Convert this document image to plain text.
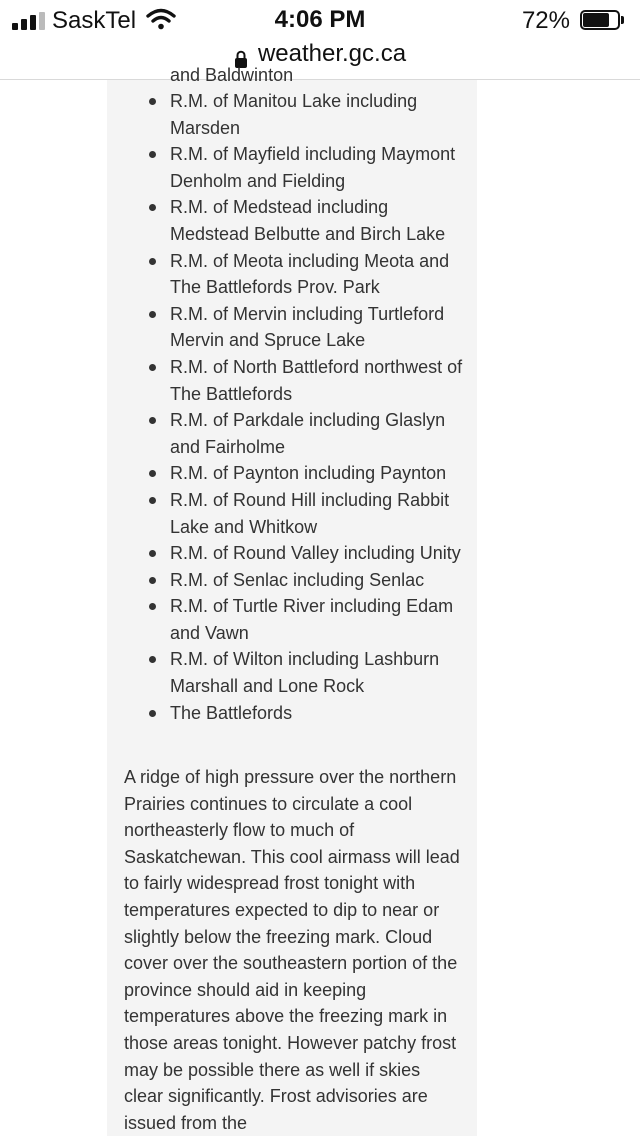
SaskTel	4:06 PM	72%
weather.gc.ca
and Baldwinton
R.M. of Manitou Lake including Marsden
R.M. of Mayfield including Maymont Denholm and Fielding
R.M. of Medstead including Medstead Belbutte and Birch Lake
R.M. of Meota including Meota and The Battlefords Prov. Park
R.M. of Mervin including Turtleford Mervin and Spruce Lake
R.M. of North Battleford northwest of The Battlefords
R.M. of Parkdale including Glaslyn and Fairholme
R.M. of Paynton including Paynton
R.M. of Round Hill including Rabbit Lake and Whitkow
R.M. of Round Valley including Unity
R.M. of Senlac including Senlac
R.M. of Turtle River including Edam and Vawn
R.M. of Wilton including Lashburn Marshall and Lone Rock
The Battlefords

A ridge of high pressure over the northern Prairies continues to circulate a cool northeasterly flow to much of Saskatchewan. This cool airmass will lead to fairly widespread frost tonight with temperatures expected to dip to near or slightly below the freezing mark. Cloud cover over the southeastern portion of the province should aid in keeping temperatures above the freezing mark in those areas tonight. However patchy frost may be possible there as well if skies clear significantly. Frost advisories are issued from the
